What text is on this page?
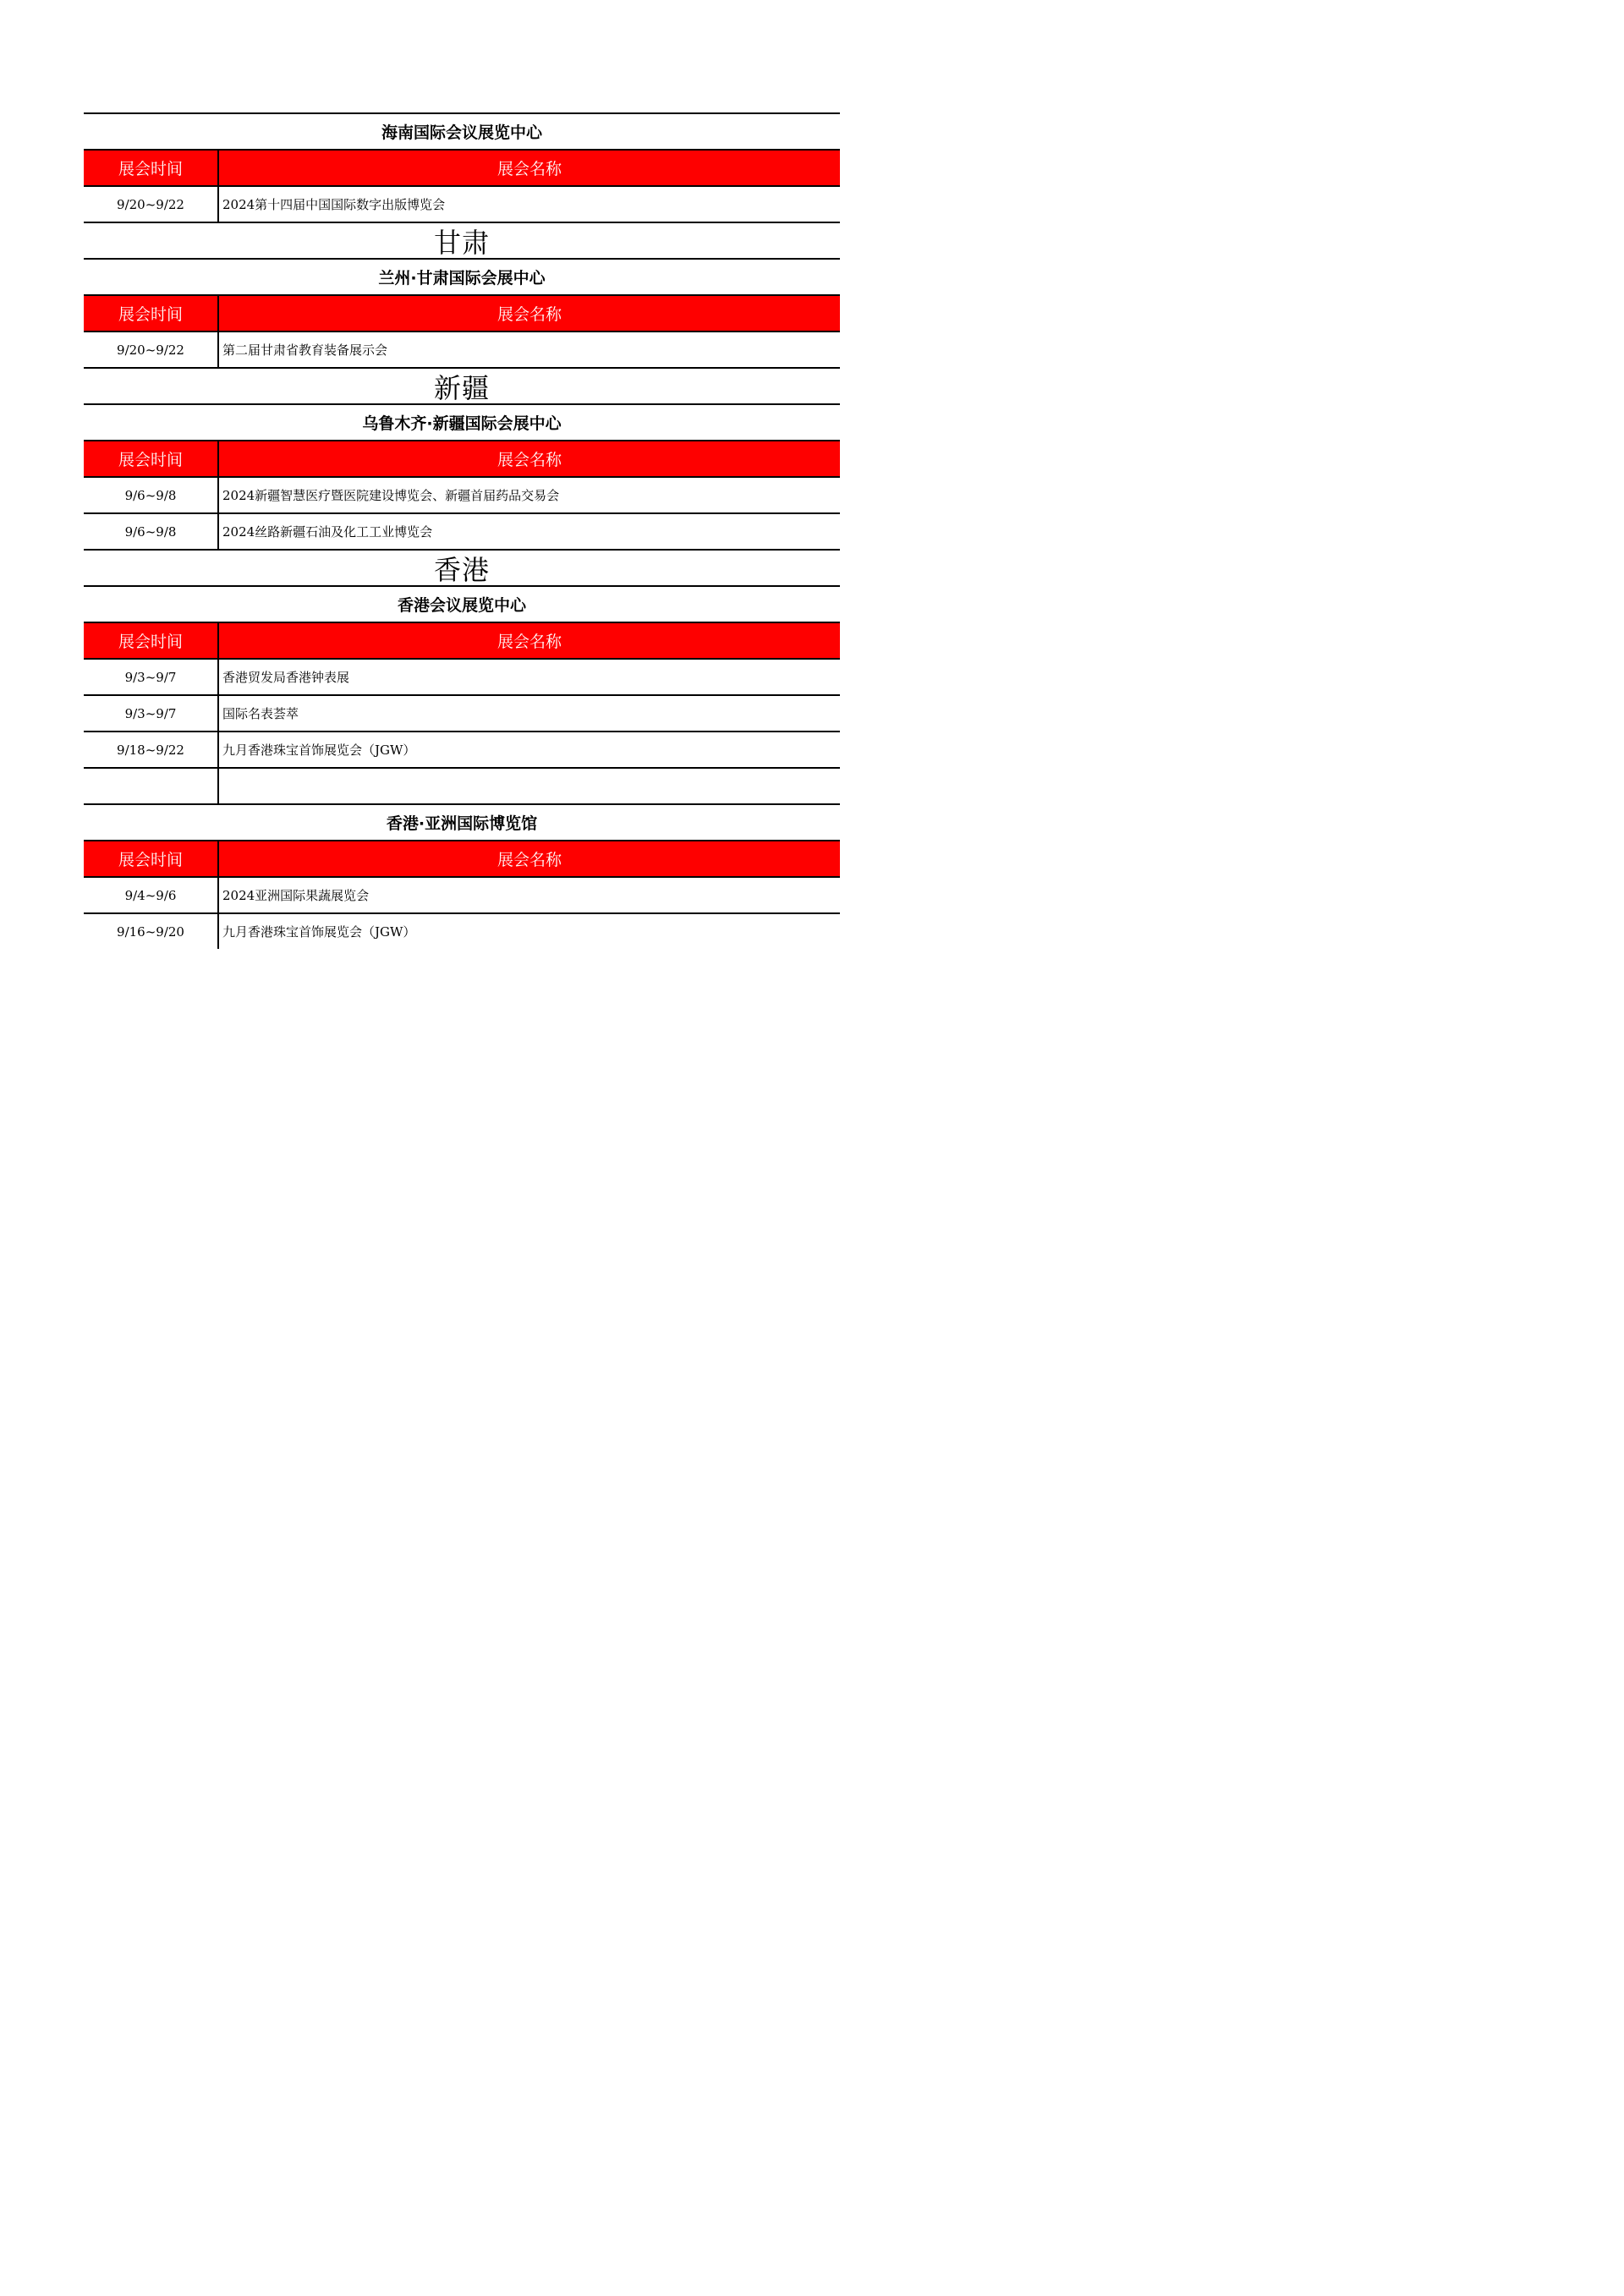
海南国际会议展览中心
展会时间	展会名称
9/20~9/22	2024第十四届中国国际数字出版博览会
甘肃
兰州·甘肃国际会展中心
展会时间	展会名称
9/20~9/22	第二届甘肃省教育装备展示会
新疆
乌鲁木齐·新疆国际会展中心
展会时间	展会名称
9/6~9/8	2024新疆智慧医疗暨医院建设博览会、新疆首届药品交易会
9/6~9/8	2024丝路新疆石油及化工工业博览会
香港
香港会议展览中心
展会时间	展会名称
9/3~9/7	香港贸发局香港钟表展
9/3~9/7	国际名表荟萃
9/18~9/22	九月香港珠宝首饰展览会（JGW）
香港·亚洲国际博览馆
展会时间	展会名称
9/4~9/6	2024亚洲国际果蔬展览会
9/16~9/20	九月香港珠宝首饰展览会（JGW）
